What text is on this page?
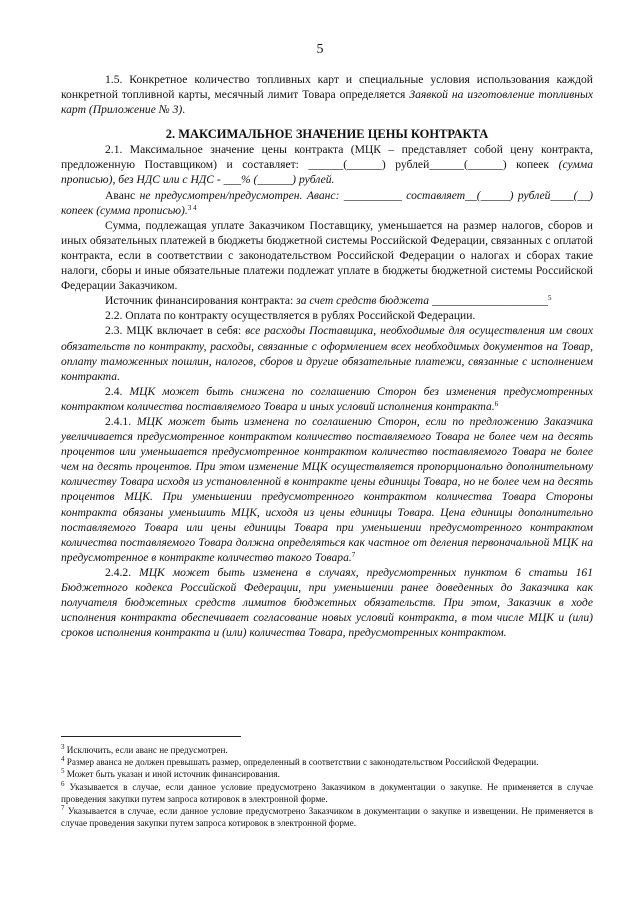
5

1.5. Конкретное количество топливных карт и специальные условия использования каждой конкретной топливной карты, месячный лимит Товара определяется Заявкой на изготовление топливных карт (Приложение № 3).

2. МАКСИМАЛЬНОЕ ЗНАЧЕНИЕ ЦЕНЫ КОНТРАКТА

2.1. Максимальное значение цены контракта (МЦК – представляет собой цену контракта, предложенную Поставщиком) и составляет: ______(______) рублей______(______) копеек (сумма прописью), без НДС или с НДС - ___% (______) рублей.

Аванс не предусмотрен/предусмотрен. Аванс: __________ составляет__(_____) рублей____(__) копеек (сумма прописью).$^{3 4}$

Сумма, подлежащая уплате Заказчиком Поставщику, уменьшается на размер налогов, сборов и иных обязательных платежей в бюджеты бюджетной системы Российской Федерации, связанных с оплатой контракта, если в соответствии с законодательством Российской Федерации о налогах и сборах такие налоги, сборы и иные обязательные платежи подлежат уплате в бюджеты бюджетной системы Российской Федерации Заказчиком.

Источник финансирования контракта: за счет средств бюджета ____________________$^5$

2.2. Оплата по контракту осуществляется в рублях Российской Федерации.

2.3. МЦК включает в себя: все расходы Поставщика, необходимые для осуществления им своих обязательств по контракту, расходы, связанные с оформлением всех необходимых документов на Товар, оплату таможенных пошлин, налогов, сборов и другие обязательные платежи, связанные с исполнением контракта.

2.4. МЦК может быть снижена по соглашению Сторон без изменения предусмотренных контрактом количества поставляемого Товара и иных условий исполнения контракта.$^6$

2.4.1. МЦК может быть изменена по соглашению Сторон, если по предложению Заказчика увеличивается предусмотренное контрактом количество поставляемого Товара не более чем на десять процентов или уменьшается предусмотренное контрактом количество поставляемого Товара не более чем на десять процентов. При этом изменение МЦК осуществляется пропорционально дополнительному количеству Товара исходя из установленной в контракте цены единицы Товара, но не более чем на десять процентов МЦК. При уменьшении предусмотренного контрактом количества Товара Стороны контракта обязаны уменьшить МЦК, исходя из цены единицы Товара. Цена единицы дополнительно поставляемого Товара или цены единицы Товара при уменьшении предусмотренного контрактом количества поставляемого Товара должна определяться как частное от деления первоначальной МЦК на предусмотренное в контракте количество такого Товара.$^7$

2.4.2. МЦК может быть изменена в случаях, предусмотренных пунктом 6 статьи 161 Бюджетного кодекса Российской Федерации, при уменьшении ранее доведенных до Заказчика как получателя бюджетных средств лимитов бюджетных обязательств. При этом, Заказчик в ходе исполнения контракта обеспечивает согласование новых условий контракта, в том числе МЦК и (или) сроков исполнения контракта и (или) количества Товара, предусмотренных контрактом.

$^3$ Исключить, если аванс не предусмотрен.

$^4$ Размер аванса не должен превышать размер, определенный в соответствии с законодательством Российской Федерации.

$^5$ Может быть указан и иной источник финансирования.

$^6$ Указывается в случае, если данное условие предусмотрено Заказчиком в документации о закупке. Не применяется в случае проведения закупки путем запроса котировок в электронной форме.

$^7$ Указывается в случае, если данное условие предусмотрено Заказчиком в документации о закупке и извещении. Не применяется в случае проведения закупки путем запроса котировок в электронной форме.
